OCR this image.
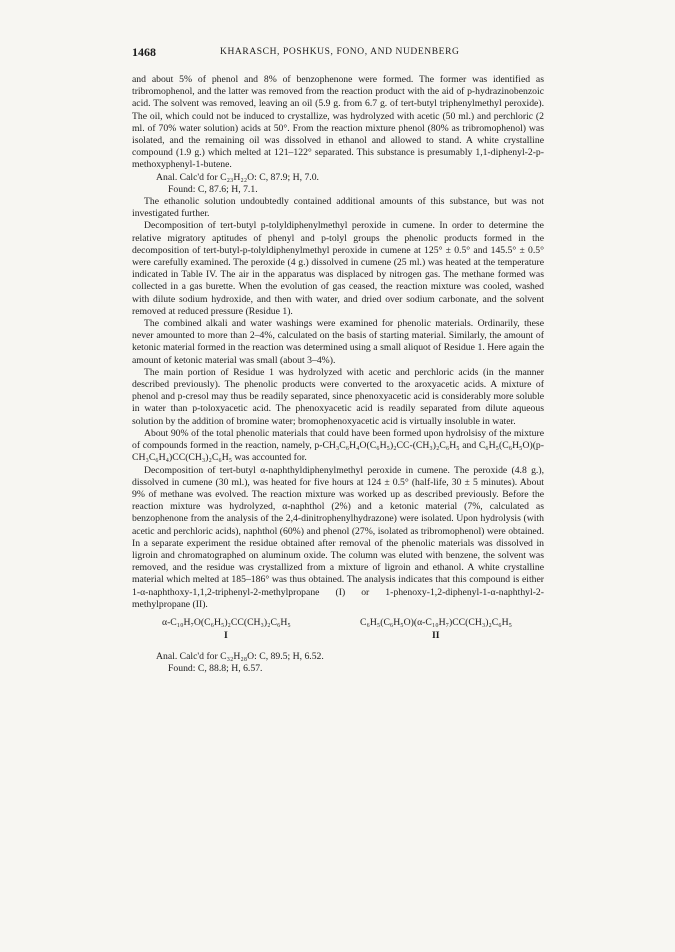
1468	KHARASCH, POSHKUS, FONO, AND NUDENBERG

and about 5% of phenol and 8% of benzophenone were formed. The former was identified as tribromophenol, and the latter was removed from the reaction product with the aid of p-hydrazinobenzoic acid. The solvent was removed, leaving an oil (5.9 g. from 6.7 g. of tert-butyl triphenylmethyl peroxide). The oil, which could not be induced to crystallize, was hydrolyzed with acetic (50 ml.) and perchloric (2 ml. of 70% water solution) acids at 50°. From the reaction mixture phenol (80% as tribromophenol) was isolated, and the remaining oil was dissolved in ethanol and allowed to stand. A white crystalline compound (1.9 g.) which melted at 121–122° separated. This substance is presumably 1,1-diphenyl-2-p-methoxyphenyl-1-butene.

Anal. Calc'd for C₂₃H₂₂O: C, 87.9; H, 7.0.

Found: C, 87.6; H, 7.1.

The ethanolic solution undoubtedly contained additional amounts of this substance, but was not investigated further.

Decomposition of tert-butyl p-tolyldiphenylmethyl peroxide in cumene. In order to determine the relative migratory aptitudes of phenyl and p-tolyl groups the phenolic products formed in the decomposition of tert-butyl-p-tolyldiphenylmethyl peroxide in cumene at 125° ± 0.5° and 145.5° ± 0.5° were carefully examined. The peroxide (4 g.) dissolved in cumene (25 ml.) was heated at the temperature indicated in Table IV. The air in the apparatus was displaced by nitrogen gas. The methane formed was collected in a gas burette. When the evolution of gas ceased, the reaction mixture was cooled, washed with dilute sodium hydroxide, and then with water, and dried over sodium carbonate, and the solvent removed at reduced pressure (Residue 1).

The combined alkali and water washings were examined for phenolic materials. Ordinarily, these never amounted to more than 2–4%, calculated on the basis of starting material. Similarly, the amount of ketonic material formed in the reaction was determined using a small aliquot of Residue 1. Here again the amount of ketonic material was small (about 3–4%).

The main portion of Residue 1 was hydrolyzed with acetic and perchloric acids (in the manner described previously). The phenolic products were converted to the aroxyacetic acids. A mixture of phenol and p-cresol may thus be readily separated, since phenoxyacetic acid is considerably more soluble in water than p-toloxyacetic acid. The phenoxyacetic acid is readily separated from dilute aqueous solution by the addition of bromine water; bromophenoxyacetic acid is virtually insoluble in water.

About 90% of the total phenolic materials that could have been formed upon hydrolsisy of the mixture of compounds formed in the reaction, namely, p-CH₃C₆H₄O(C₆H₅)₂CC-(CH₃)₂C₆H₅ and C₆H₅(C₆H₅O)(p-CH₃C₆H₄)CC(CH₃)₂C₆H₅ was accounted for.

Decomposition of tert-butyl α-naphthyldiphenylmethyl peroxide in cumene. The peroxide (4.8 g.), dissolved in cumene (30 ml.), was heated for five hours at 124 ± 0.5° (half-life, 30 ± 5 minutes). About 9% of methane was evolved. The reaction mixture was worked up as described previously. Before the reaction mixture was hydrolyzed, α-naphthol (2%) and a ketonic material (7%, calculated as benzophenone from the analysis of the 2,4-dinitrophenylhydrazone) were isolated. Upon hydrolysis (with acetic and perchloric acids), naphthol (60%) and phenol (27%, isolated as tribromophenol) were obtained. In a separate experiment the residue obtained after removal of the phenolic materials was dissolved in ligroin and chromatographed on aluminum oxide. The column was eluted with benzene, the solvent was removed, and the residue was crystallized from a mixture of ligroin and ethanol. A white crystalline material which melted at 185–186° was thus obtained. The analysis indicates that this compound is either 1-α-naphthoxy-1,1,2-triphenyl-2-methylpropane (I) or 1-phenoxy-1,2-diphenyl-1-α-naphthyl-2-methylpropane (II).

α-C₁₀H₇O(C₆H₅)₂CC(CH₃)₂C₆H₅
I
C₆H₅(C₆H₅O)(α-C₁₀H₇)CC(CH₃)₂C₆H₅
II

Anal. Calc'd for C₃₂H₂₈O: C, 89.5; H, 6.52.

Found: C, 88.8; H, 6.57.
